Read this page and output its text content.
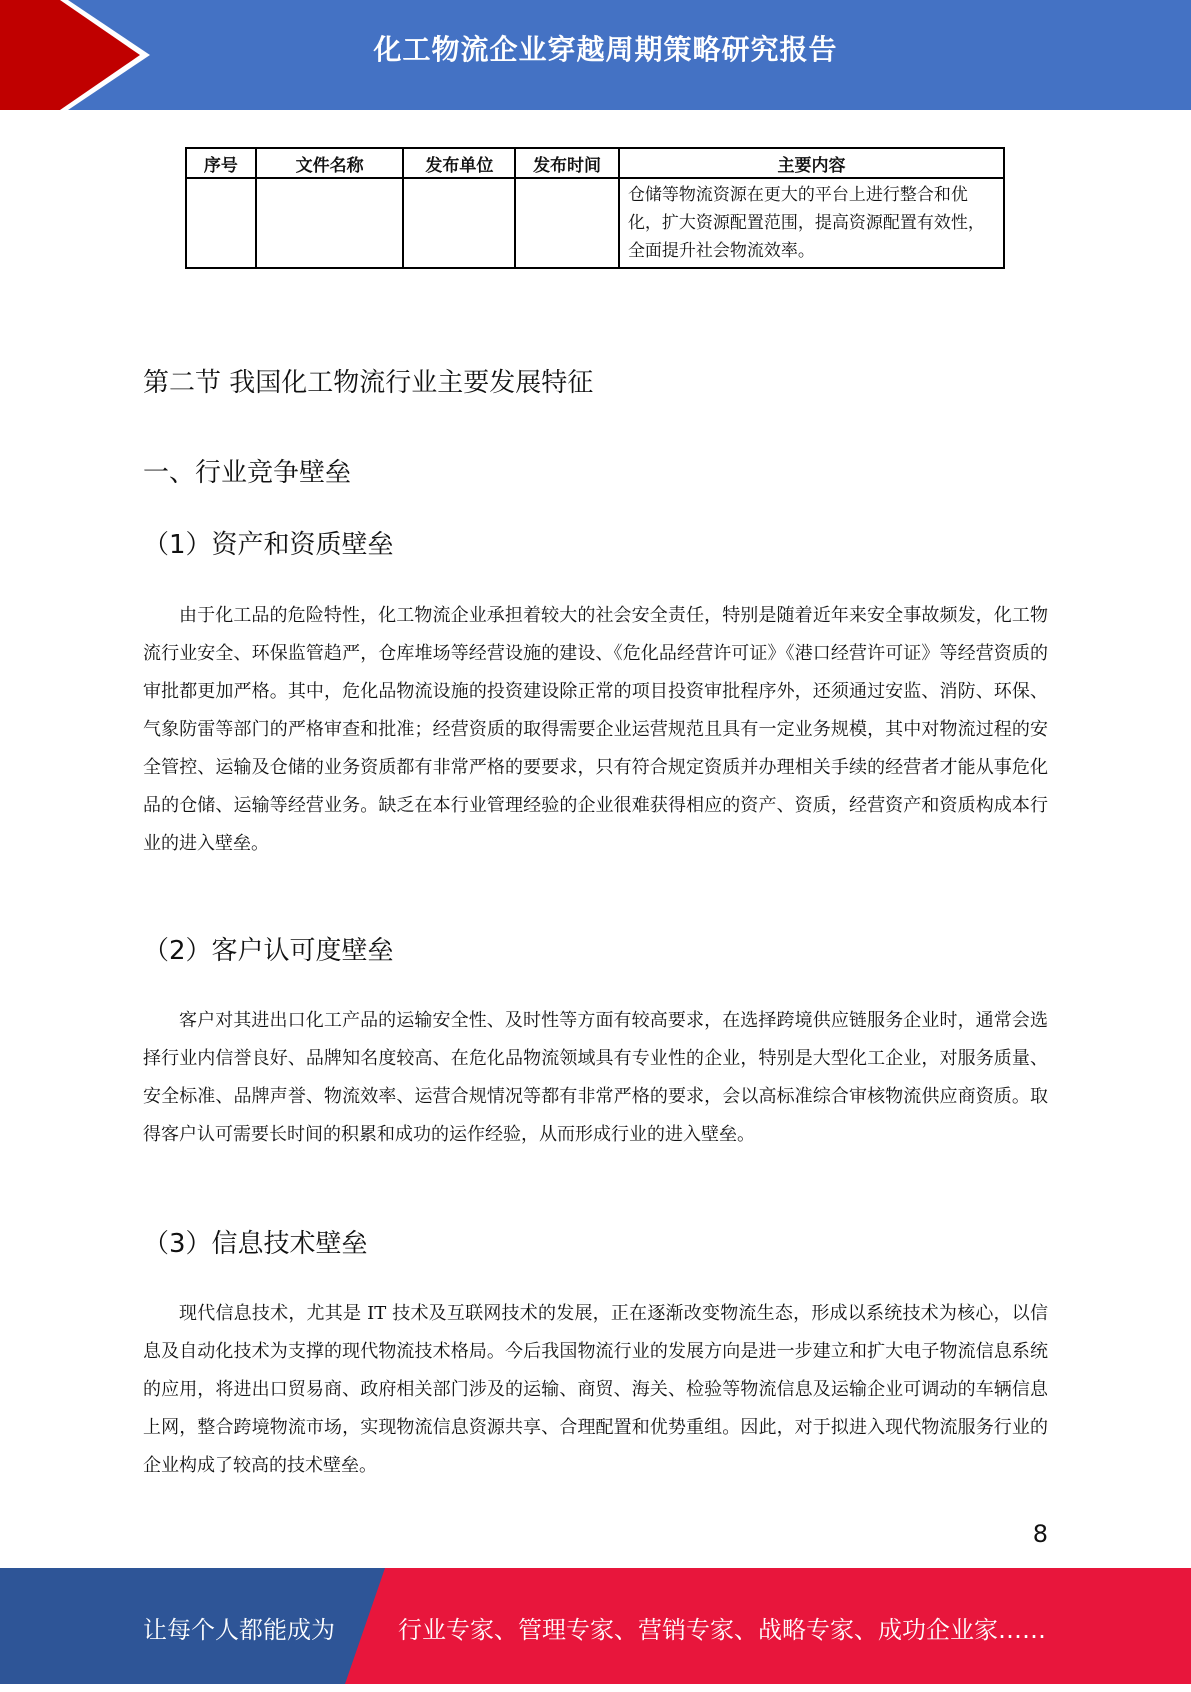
化工物流企业穿越周期策略研究报告
序号	文件名称	发布单位	发布时间	主要内容
				仓储等物流资源在更大的平台上进行整合和优化，扩大资源配置范围，提高资源配置有效性，全面提升社会物流效率。
第二节 我国化工物流行业主要发展特征
一、行业竞争壁垒
（1）资产和资质壁垒

由于化工品的危险特性，化工物流企业承担着较大的社会安全责任，特别是随着近年来安全事故频发，化工物流行业安全、环保监管趋严，仓库堆场等经营设施的建设、《危化品经营许可证》《港口经营许可证》等经营资质的审批都更加严格。其中，危化品物流设施的投资建设除正常的项目投资审批程序外，还须通过安监、消防、环保、气象防雷等部门的严格审查和批准；经营资质的取得需要企业运营规范且具有一定业务规模，其中对物流过程的安全管控、运输及仓储的业务资质都有非常严格的要要求，只有符合规定资质并办理相关手续的经营者才能从事危化品的仓储、运输等经营业务。缺乏在本行业管理经验的企业很难获得相应的资产、资质，经营资产和资质构成本行业的进入壁垒。

（2）客户认可度壁垒

客户对其进出口化工产品的运输安全性、及时性等方面有较高要求，在选择跨境供应链服务企业时，通常会选择行业内信誉良好、品牌知名度较高、在危化品物流领域具有专业性的企业，特别是大型化工企业，对服务质量、安全标准、品牌声誉、物流效率、运营合规情况等都有非常严格的要求，会以高标准综合审核物流供应商资质。取得客户认可需要长时间的积累和成功的运作经验，从而形成行业的进入壁垒。

（3）信息技术壁垒

现代信息技术，尤其是 IT 技术及互联网技术的发展，正在逐渐改变物流生态，形成以系统技术为核心，以信息及自动化技术为支撑的现代物流技术格局。今后我国物流行业的发展方向是进一步建立和扩大电子物流信息系统的应用，将进出口贸易商、政府相关部门涉及的运输、商贸、海关、检验等物流信息及运输企业可调动的车辆信息上网，整合跨境物流市场，实现物流信息资源共享、合理配置和优势重组。因此，对于拟进入现代物流服务行业的企业构成了较高的技术壁垒。

8
让每个人都能成为	行业专家、管理专家、营销专家、战略专家、成功企业家……
